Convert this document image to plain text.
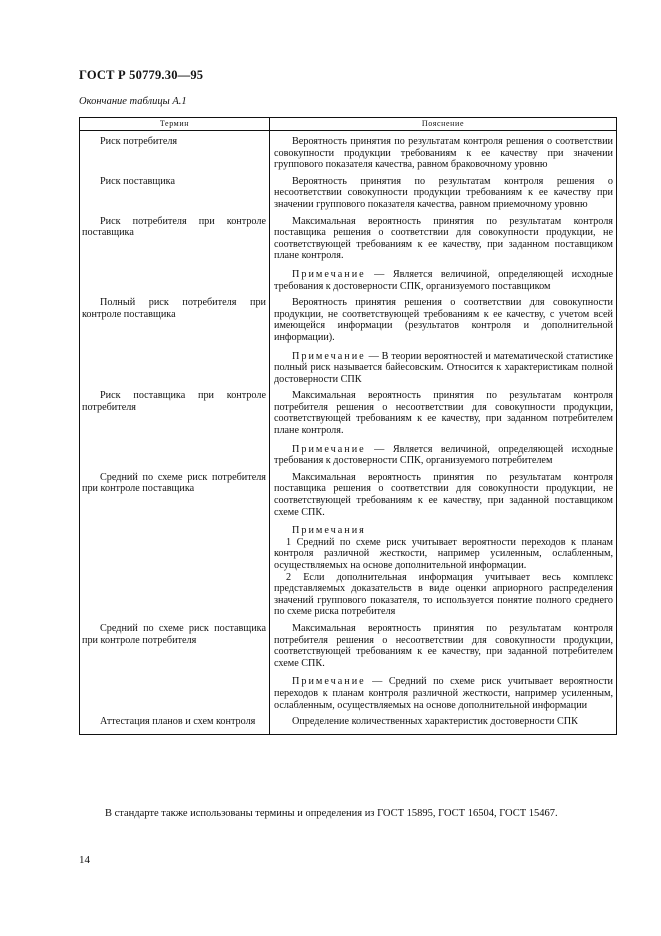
ГОСТ Р 50779.30—95
Окончание таблицы А.1
Термин	Пояснение

Риск потребителя	Вероятность принятия по результатам контроля решения о соответствии совокупности продукции требованиям к ее качеству при значении группового показателя качества, равном браковочному уровню

Риск поставщика	Вероятность принятия по результатам контроля решения о несоответствии совокупности продукции требованиям к ее качеству при значении группового показателя качества, равном приемочному уровню

Риск потребителя при контроле поставщика	Максимальная вероятность принятия по результатам контроля поставщика решения о соответствии для совокупности продукции, не соответствующей требованиям к ее качеству, при заданном поставщиком плане контроля.

Примечание — Является величиной, определяющей исходные требования к достоверности СПК, организуемого поставщиком

Полный риск потребителя при контроле поставщика	Вероятность принятия решения о соответствии для совокупности продукции, не соответствующей требованиям к ее качеству, с учетом всей имеющейся информации (результатов контроля и дополнительной информации).

Примечание — В теории вероятностей и математической статистике полный риск называется байесовским. Относится к характеристикам полной достоверности СПК

Риск поставщика при контроле потребителя	Максимальная вероятность принятия по результатам контроля потребителя решения о несоответствии для совокупности продукции, соответствующей требованиям к ее качеству, при заданном потребителем плане контроля.

Примечание — Является величиной, определяющей исходные требования к достоверности СПК, организуемого потребителем

Средний по схеме риск потребителя при контроле поставщика	Максимальная вероятность принятия по результатам контроля поставщика решения о соответствии для совокупности продукции, не соответствующей требованиям к ее качеству, при заданной поставщиком схеме СПК.

Примечания

1 Средний по схеме риск учитывает вероятности переходов к планам контроля различной жесткости, например усиленным, ослабленным, осуществляемых на основе дополнительной информации.

2 Если дополнительная информация учитывает весь комплекс представляемых доказательств в виде оценки априорного распределения значений группового показателя, то используется понятие полного среднего по схеме риска потребителя

Средний по схеме риск поставщика при контроле потребителя	Максимальная вероятность принятия по результатам контроля потребителя решения о несоответствии для совокупности продукции, соответствующей требованиям к ее качеству, при заданной потребителем схеме СПК.

Примечание — Средний по схеме риск учитывает вероятности переходов к планам контроля различной жесткости, например усиленным, ослабленным, осуществляемых на основе дополнительной информации

Аттестация планов и схем контроля	Определение количественных характеристик достоверности СПК

В стандарте также использованы термины и определения из ГОСТ 15895, ГОСТ 16504, ГОСТ 15467.
14
